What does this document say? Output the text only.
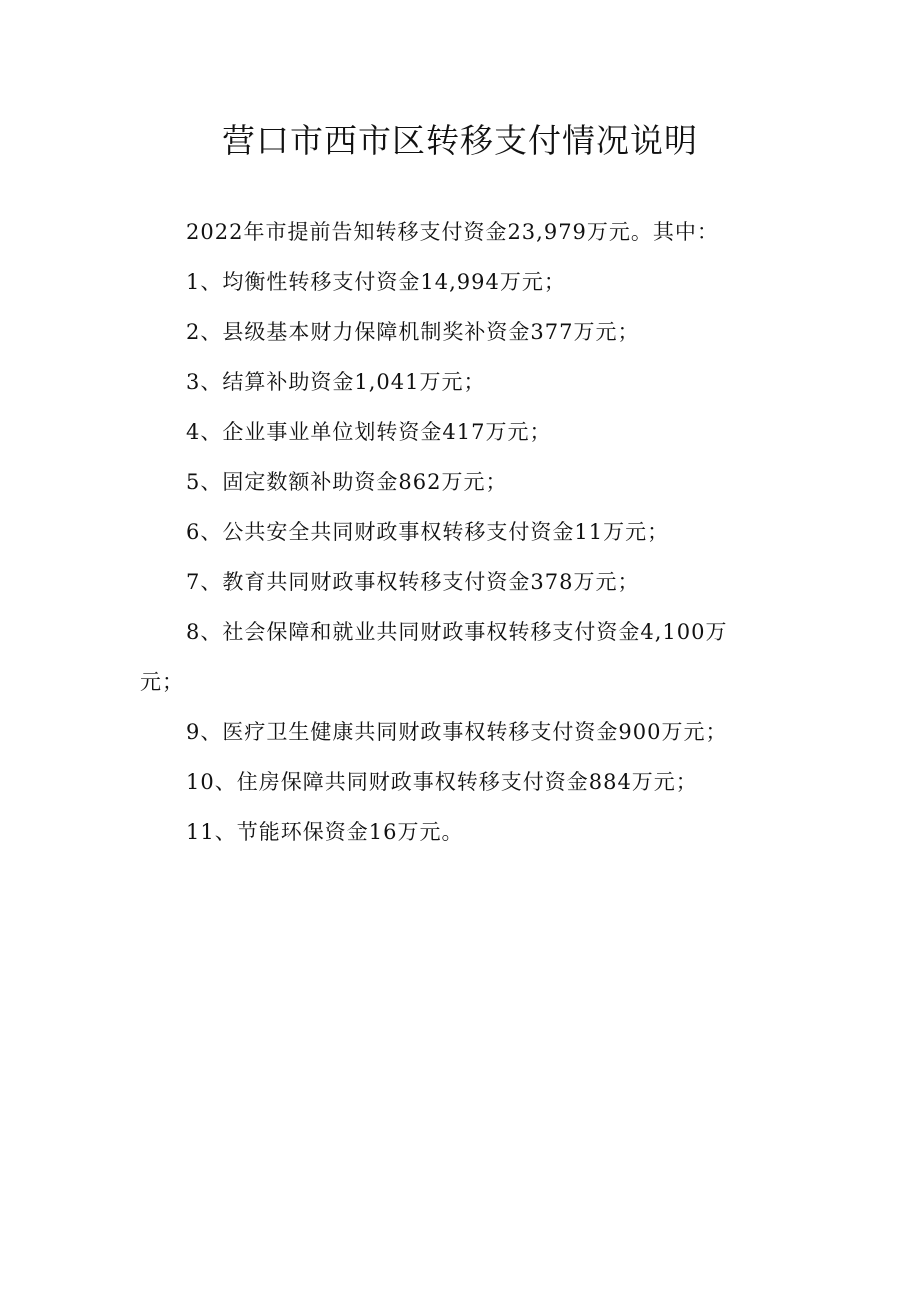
营口市西市区转移支付情况说明

2022年市提前告知转移支付资金23,979万元。其中：

1、均衡性转移支付资金14,994万元；

2、县级基本财力保障机制奖补资金377万元；

3、结算补助资金1,041万元；

4、企业事业单位划转资金417万元；

5、固定数额补助资金862万元；

6、公共安全共同财政事权转移支付资金11万元；

7、教育共同财政事权转移支付资金378万元；

8、社会保障和就业共同财政事权转移支付资金4,100万元；

9、医疗卫生健康共同财政事权转移支付资金900万元；

10、住房保障共同财政事权转移支付资金884万元；

11、节能环保资金16万元。
